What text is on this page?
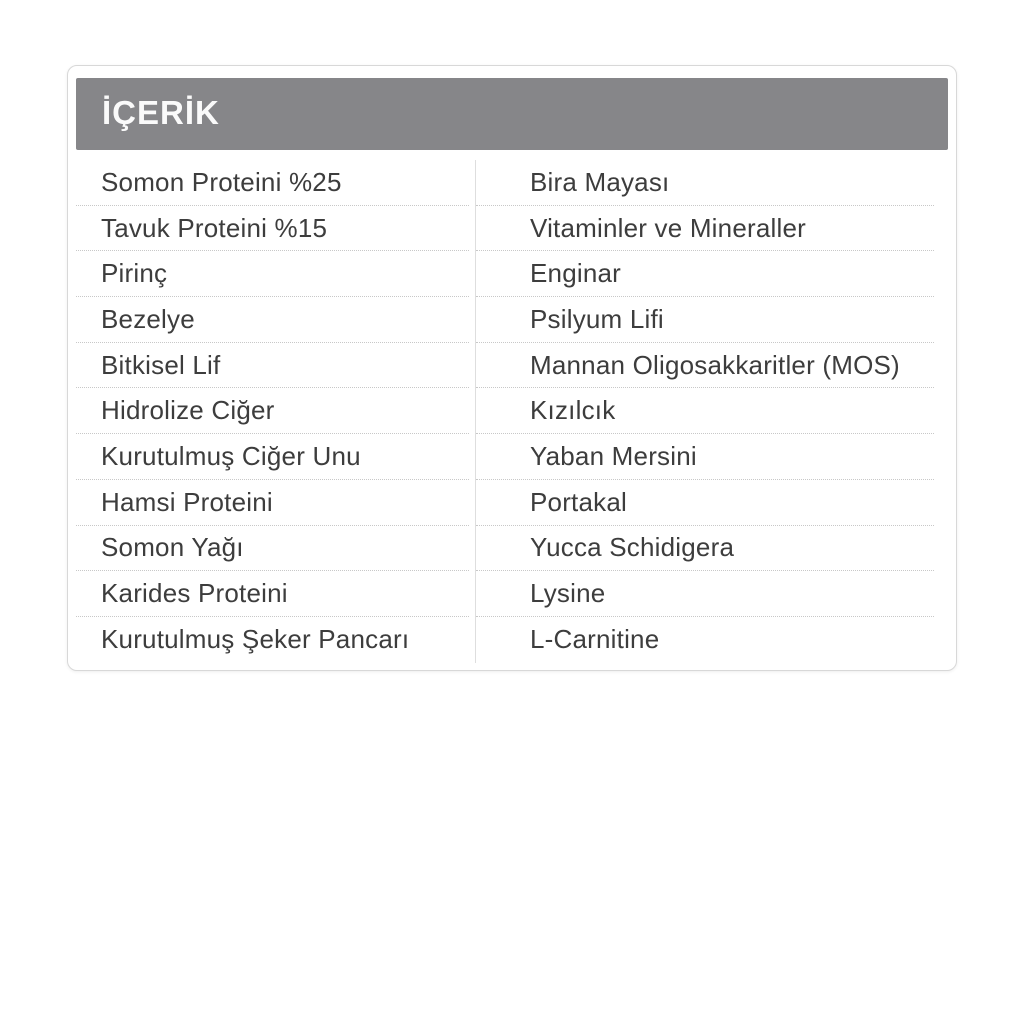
İÇERİK
Somon Proteini %25
Tavuk Proteini %15
Pirinç
Bezelye
Bitkisel Lif
Hidrolize Ciğer
Kurutulmuş Ciğer Unu
Hamsi Proteini
Somon Yağı
Karides Proteini
Kurutulmuş Şeker Pancarı
Bira Mayası
Vitaminler ve Mineraller
Enginar
Psilyum Lifi
Mannan Oligosakkaritler (MOS)
Kızılcık
Yaban Mersini
Portakal
Yucca Schidigera
Lysine
L-Carnitine
